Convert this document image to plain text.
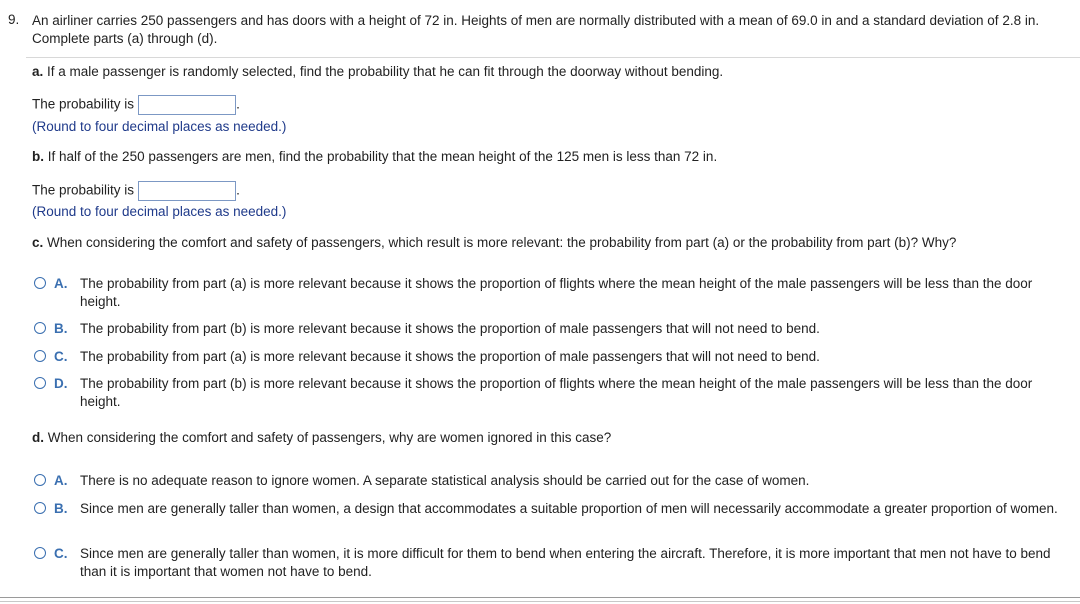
9. An airliner carries 250 passengers and has doors with a height of 72 in. Heights of men are normally distributed with a mean of 69.0 in and a standard deviation of 2.8 in. Complete parts (a) through (d).
a. If a male passenger is randomly selected, find the probability that he can fit through the doorway without bending.
The probability is	.
(Round to four decimal places as needed.)
b. If half of the 250 passengers are men, find the probability that the mean height of the 125 men is less than 72 in.
The probability is	.
(Round to four decimal places as needed.)
c. When considering the comfort and safety of passengers, which result is more relevant: the probability from part (a) or the probability from part (b)? Why?
A. The probability from part (a) is more relevant because it shows the proportion of flights where the mean height of the male passengers will be less than the door height.
B. The probability from part (b) is more relevant because it shows the proportion of male passengers that will not need to bend.
C. The probability from part (a) is more relevant because it shows the proportion of male passengers that will not need to bend.
D. The probability from part (b) is more relevant because it shows the proportion of flights where the mean height of the male passengers will be less than the door height.
d. When considering the comfort and safety of passengers, why are women ignored in this case?
A. There is no adequate reason to ignore women. A separate statistical analysis should be carried out for the case of women.
B. Since men are generally taller than women, a design that accommodates a suitable proportion of men will necessarily accommodate a greater proportion of women.
C. Since men are generally taller than women, it is more difficult for them to bend when entering the aircraft. Therefore, it is more important that men not have to bend than it is important that women not have to bend.
